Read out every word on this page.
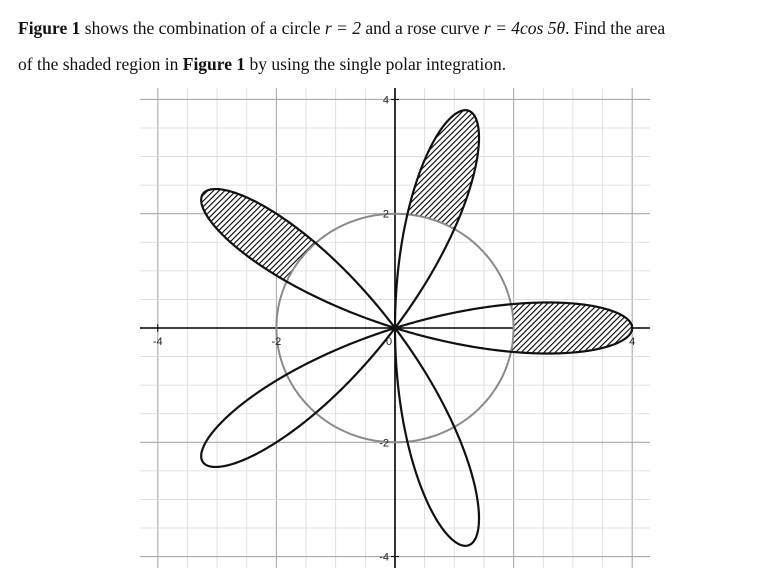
Figure 1 shows the combination of a circle r = 2 and a rose curve r = 4cos 5θ. Find the area
of the shaded region in Figure 1 by using the single polar integration.
-4	-2	0	4
4
2
-2
-4
